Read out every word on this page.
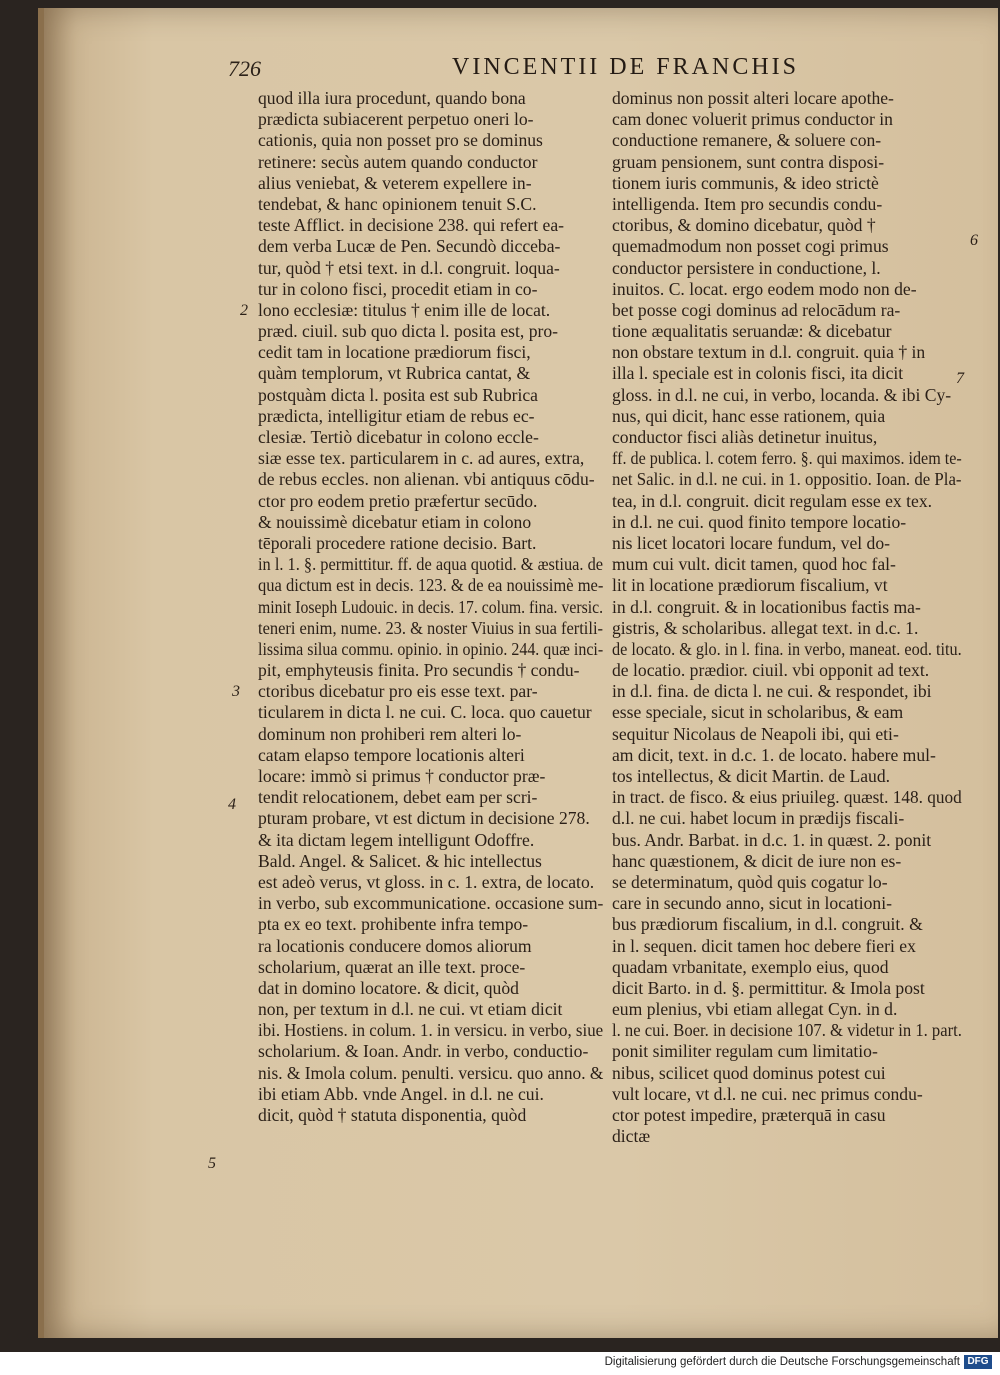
726	VINCENTII DE FRANCHIS
quod illa iura procedunt, quando bona
prædicta subiacerent perpetuo oneri lo-
cationis, quia non posset pro se dominus
retinere: secùs autem quando conductor
alius veniebat, & veterem expellere in-
tendebat, & hanc opinionem tenuit S.C.
teste Afflict. in decisione 238. qui refert ea-
dem verba Lucæ de Pen. Secundò dicceba-
tur, quòd † etsi text. in d.l. congruit. loqua-
tur in colono fisci, procedit etiam in co-
lono ecclesiæ: titulus † enim ille de locat.
præd. ciuil. sub quo dicta l. posita est, pro-
cedit tam in locatione prædiorum fisci,
quàm templorum, vt Rubrica cantat, &
postquàm dicta l. posita est sub Rubrica
prædicta, intelligitur etiam de rebus ec-
clesiæ. Tertiò dicebatur in colono eccle-
siæ esse tex. particularem in c. ad aures, extra,
de rebus eccles. non alienan. vbi antiquus cōdu-
ctor pro eodem pretio præfertur secūdo.
& nouissimè dicebatur etiam in colono
tēporali procedere ratione decisio. Bart.
in l. 1. §. permittitur. ff. de aqua quotid. & æstiua. de
qua dictum est in decis. 123. & de ea nouissimè me-
minit Ioseph Ludouic. in decis. 17. colum. fina. versic.
teneri enim, nume. 23. & noster Viuius in sua fertili-
lissima silua commu. opinio. in opinio. 244. quæ inci-
pit, emphyteusis finita. Pro secundis † condu-
ctoribus dicebatur pro eis esse text. par-
ticularem in dicta l. ne cui. C. loca. quo cauetur
dominum non prohiberi rem alteri lo-
catam elapso tempore locationis alteri
locare: immò si primus † conductor præ-
tendit relocationem, debet eam per scri-
pturam probare, vt est dictum in decisione 278.
& ita dictam legem intelligunt Odoffre.
Bald. Angel. & Salicet. & hic intellectus
est adeò verus, vt gloss. in c. 1. extra, de locato.
in verbo, sub excommunicatione. occasione sum-
pta ex eo text. prohibente infra tempo-
ra locationis conducere domos aliorum
scholarium, quærat an ille text. proce-
dat in domino locatore. & dicit, quòd
non, per textum in d.l. ne cui. vt etiam dicit
ibi. Hostiens. in colum. 1. in versicu. in verbo, siue
scholarium. & Ioan. Andr. in verbo, conductio-
nis. & Imola colum. penulti. versicu. quo anno. &
ibi etiam Abb. vnde Angel. in d.l. ne cui.
dicit, quòd † statuta disponentia, quòd
dominus non possit alteri locare apothe-
cam donec voluerit primus conductor in
conductione remanere, & soluere con-
gruam pensionem, sunt contra disposi-
tionem iuris communis, & ideo strictè
intelligenda. Item pro secundis condu-
ctoribus, & domino dicebatur, quòd †
quemadmodum non posset cogi primus
conductor persistere in conductione, l.
inuitos. C. locat. ergo eodem modo non de-
bet posse cogi dominus ad relocādum ra-
tione æqualitatis seruandæ: & dicebatur
non obstare textum in d.l. congruit. quia † in
illa l. speciale est in colonis fisci, ita dicit
gloss. in d.l. ne cui, in verbo, locanda. & ibi Cy-
nus, qui dicit, hanc esse rationem, quia
conductor fisci aliàs detinetur inuitus,
ff. de publica. l. cotem ferro. §. qui maximos. idem te-
net Salic. in d.l. ne cui. in 1. oppositio. Ioan. de Pla-
tea, in d.l. congruit. dicit regulam esse ex tex.
in d.l. ne cui. quod finito tempore locatio-
nis licet locatori locare fundum, vel do-
mum cui vult. dicit tamen, quod hoc fal-
lit in locatione prædiorum fiscalium, vt
in d.l. congruit. & in locationibus factis ma-
gistris, & scholaribus. allegat text. in d.c. 1.
de locato. & glo. in l. fina. in verbo, maneat. eod. titu.
de locatio. prædior. ciuil. vbi opponit ad text.
in d.l. fina. de dicta l. ne cui. & respondet, ibi
esse speciale, sicut in scholaribus, & eam
sequitur Nicolaus de Neapoli ibi, qui eti-
am dicit, text. in d.c. 1. de locato. habere mul-
tos intellectus, & dicit Martin. de Laud.
in tract. de fisco. & eius priuileg. quæst. 148. quod
d.l. ne cui. habet locum in prædijs fiscali-
bus. Andr. Barbat. in d.c. 1. in quæst. 2. ponit
hanc quæstionem, & dicit de iure non es-
se determinatum, quòd quis cogatur lo-
care in secundo anno, sicut in locationi-
bus prædiorum fiscalium, in d.l. congruit. &
in l. sequen. dicit tamen hoc debere fieri ex
quadam vrbanitate, exemplo eius, quod
dicit Barto. in d. §. permittitur. & Imola post
eum plenius, vbi etiam allegat Cyn. in d.
l. ne cui. Boer. in decisione 107. & videtur in 1. part.
ponit similiter regulam cum limitatio-
nibus, scilicet quod dominus potest cui
vult locare, vt d.l. ne cui. nec primus condu-
ctor potest impedire, præterquā in casu
dictæ
2
3
4
5
6
7
Digitalisierung gefördert durch die Deutsche Forschungsgemeinschaft DFG
